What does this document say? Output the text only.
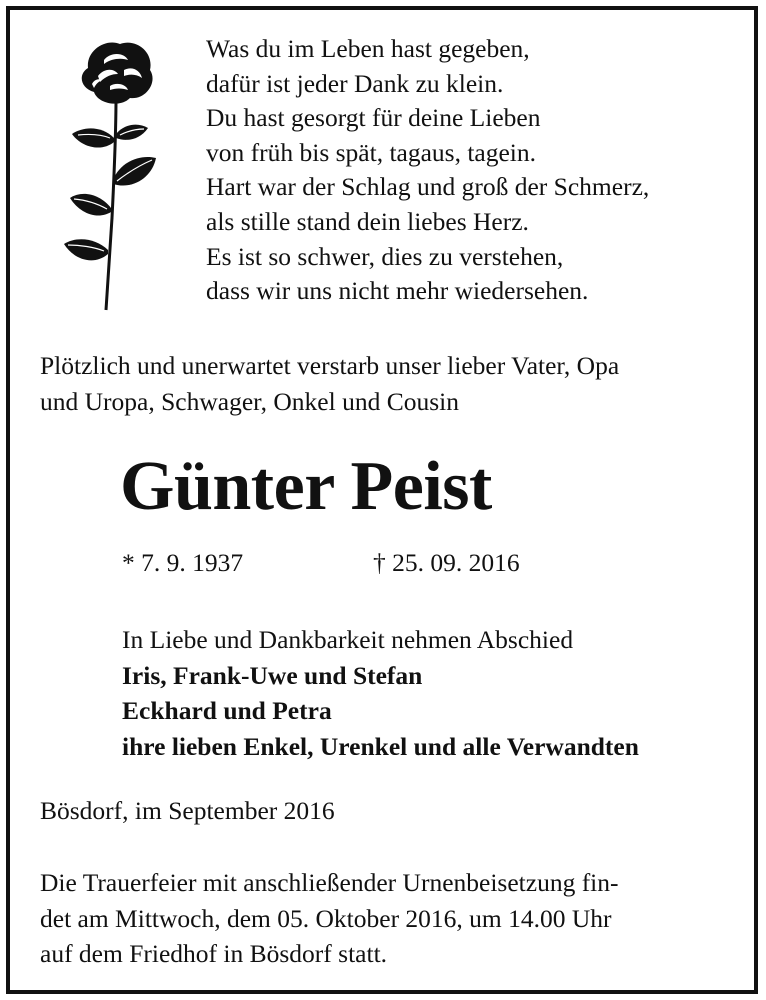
Was du im Leben hast gegeben,
dafür ist jeder Dank zu klein.
Du hast gesorgt für deine Lieben
von früh bis spät, tagaus, tagein.
Hart war der Schlag und groß der Schmerz,
als stille stand dein liebes Herz.
Es ist so schwer, dies zu verstehen,
dass wir uns nicht mehr wiedersehen.
Plötzlich und unerwartet verstarb unser lieber Vater, Opa
und Uropa, Schwager, Onkel und Cousin
Günter Peist
* 7. 9. 1937	† 25. 09. 2016
In Liebe und Dankbarkeit nehmen Abschied
Iris, Frank-Uwe und Stefan
Eckhard und Petra
ihre lieben Enkel, Urenkel und alle Verwandten
Bösdorf, im September 2016
Die Trauerfeier mit anschließender Urnenbeisetzung fin-
det am Mittwoch, dem 05. Oktober 2016, um 14.00 Uhr
auf dem Friedhof in Bösdorf statt.
